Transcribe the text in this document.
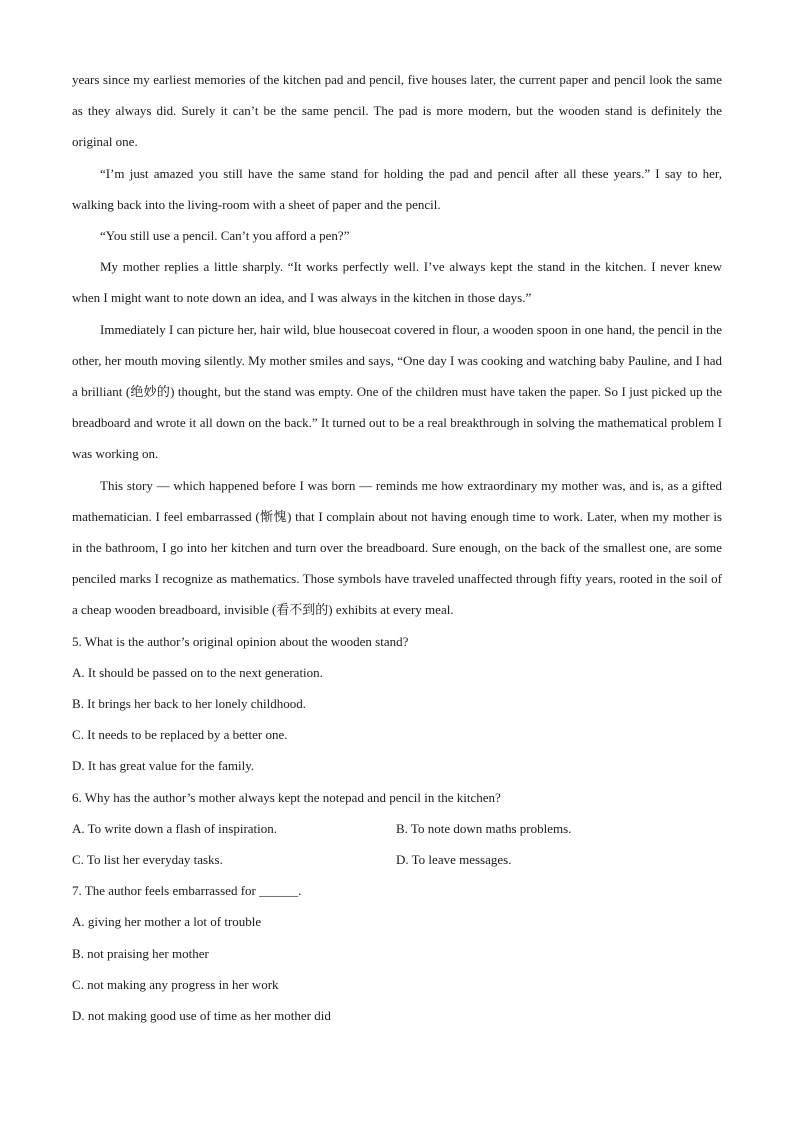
years since my earliest memories of the kitchen pad and pencil, five houses later, the current paper and pencil look the same as they always did. Surely it can’t be the same pencil. The pad is more modern, but the wooden stand is definitely the original one.

“I’m just amazed you still have the same stand for holding the pad and pencil after all these years.” I say to her, walking back into the living-room with a sheet of paper and the pencil.

“You still use a pencil. Can’t you afford a pen?”

My mother replies a little sharply. “It works perfectly well. I’ve always kept the stand in the kitchen. I never knew when I might want to note down an idea, and I was always in the kitchen in those days.”

Immediately I can picture her, hair wild, blue housecoat covered in flour, a wooden spoon in one hand, the pencil in the other, her mouth moving silently. My mother smiles and says, “One day I was cooking and watching baby Pauline, and I had a brilliant (绝妙的) thought, but the stand was empty. One of the children must have taken the paper. So I just picked up the breadboard and wrote it all down on the back.” It turned out to be a real breakthrough in solving the mathematical problem I was working on.

This story — which happened before I was born — reminds me how extraordinary my mother was, and is, as a gifted mathematician. I feel embarrassed (惭愧) that I complain about not having enough time to work. Later, when my mother is in the bathroom, I go into her kitchen and turn over the breadboard. Sure enough, on the back of the smallest one, are some penciled marks I recognize as mathematics. Those symbols have traveled unaffected through fifty years, rooted in the soil of a cheap wooden breadboard, invisible (看不到的) exhibits at every meal.

5. What is the author’s original opinion about the wooden stand?
A. It should be passed on to the next generation.
B. It brings her back to her lonely childhood.
C. It needs to be replaced by a better one.
D. It has great value for the family.
6. Why has the author’s mother always kept the notepad and pencil in the kitchen?
A. To write down a flash of inspiration.	B. To note down maths problems.
C. To list her everyday tasks.	D. To leave messages.
7. The author feels embarrassed for ______.
A. giving her mother a lot of trouble
B. not praising her mother
C. not making any progress in her work
D. not making good use of time as her mother did
